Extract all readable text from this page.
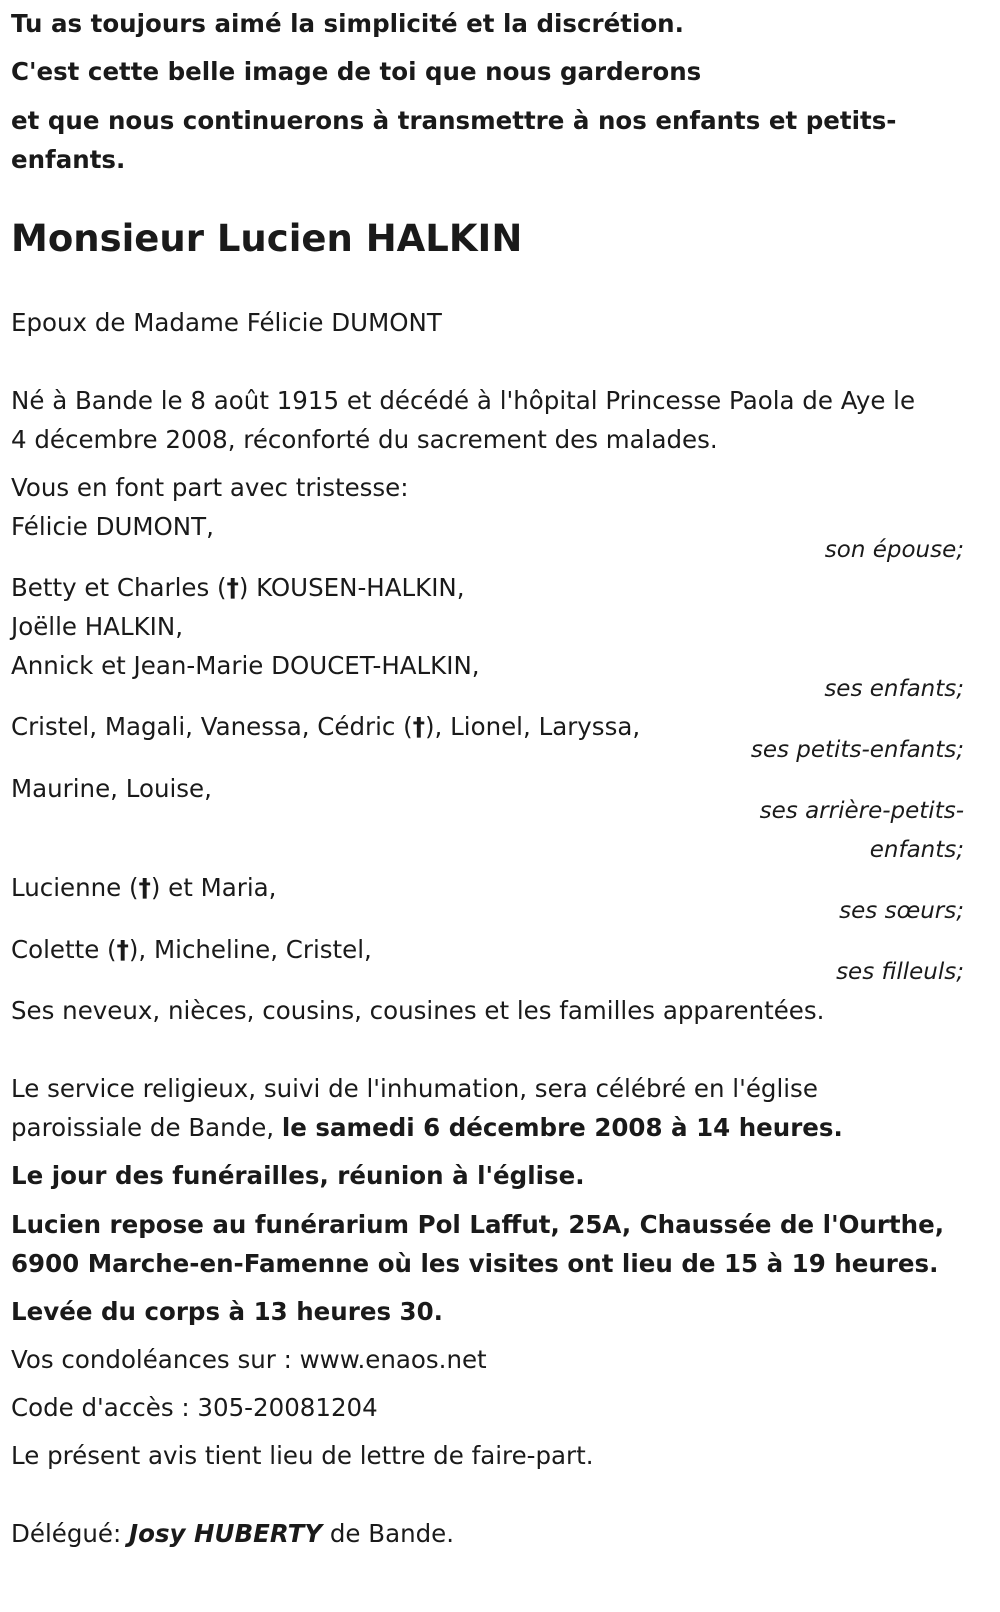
Tu as toujours aimé la simplicité et la discrétion.
C'est cette belle image de toi que nous garderons
et que nous continuerons à transmettre à nos enfants et petits-
enfants.
Monsieur Lucien HALKIN
Epoux de Madame Félicie DUMONT
Né à Bande le 8 août 1915 et décédé à l'hôpital Princesse Paola de Aye le
4 décembre 2008, réconforté du sacrement des malades.
Vous en font part avec tristesse:
Félicie DUMONT,
son épouse;
Betty et Charles (†) KOUSEN-HALKIN,
Joëlle HALKIN,
Annick et Jean-Marie DOUCET-HALKIN,
ses enfants;
Cristel, Magali, Vanessa, Cédric (†), Lionel, Laryssa,
ses petits-enfants;
Maurine, Louise,
ses arrière-petits-
enfants;
Lucienne (†) et Maria,
ses sœurs;
Colette (†), Micheline, Cristel,
ses filleuls;
Ses neveux, nièces, cousins, cousines et les familles apparentées.
Le service religieux, suivi de l'inhumation, sera célébré en l'église
paroissiale de Bande, le samedi 6 décembre 2008 à 14 heures.
Le jour des funérailles, réunion à l'église.
Lucien repose au funérarium Pol Laffut, 25A, Chaussée de l'Ourthe,
6900 Marche-en-Famenne où les visites ont lieu de 15 à 19 heures.
Levée du corps à 13 heures 30.
Vos condoléances sur : www.enaos.net
Code d'accès : 305-20081204
Le présent avis tient lieu de lettre de faire-part.
Délégué: Josy HUBERTY de Bande.
